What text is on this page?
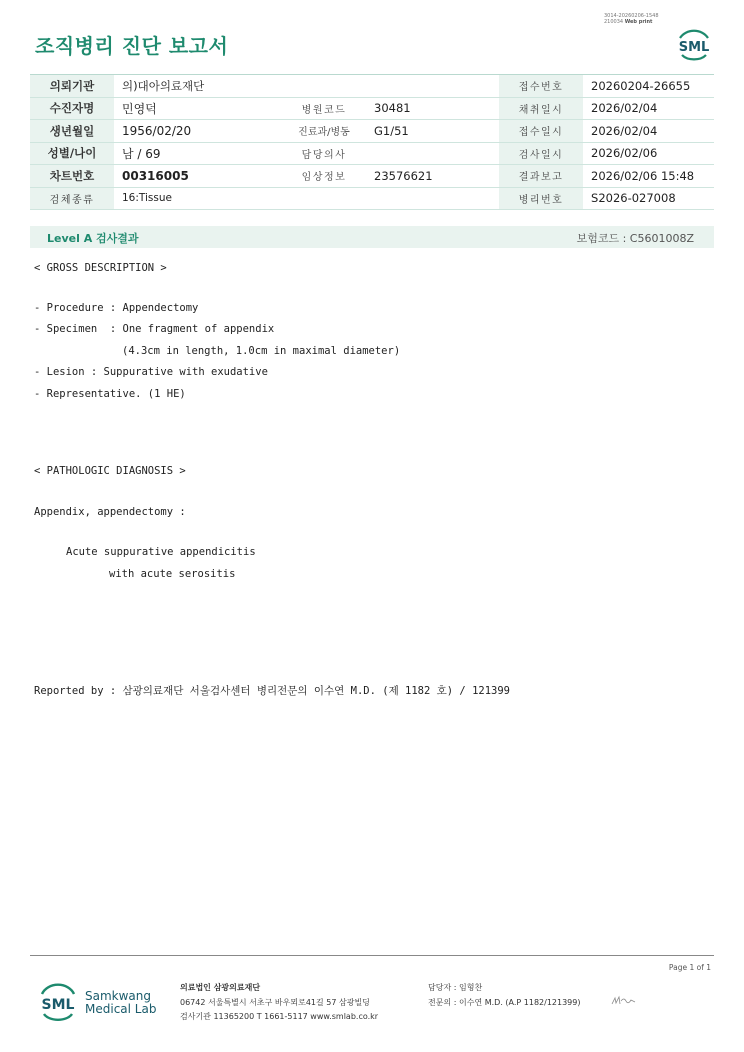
3014-20260206-1548
210034 Web print
조직병리 진단 보고서	SML
의뢰기관	의)대아의료재단			접수번호	20260204-26655
수진자명	민영덕	병원코드	30481	채취일시	2026/02/04
생년월일	1956/02/20	진료과/병동	G1/51	접수일시	2026/02/04
성별/나이	남 / 69	담당의사		검사일시	2026/02/06
차트번호	00316005	임상정보	23576621	결과보고	2026/02/06 15:48
검체종류	16:Tissue			병리번호	S2026-027008
Level A 검사결과	보험코드 : C5601008Z
< GROSS DESCRIPTION >
- Procedure : Appendectomy
- Specimen  : One fragment of appendix
(4.3cm in length, 1.0cm in maximal diameter)
- Lesion : Suppurative with exudative
- Representative. (1 HE)
< PATHOLOGIC DIAGNOSIS >
Appendix, appendectomy :
Acute suppurative appendicitis
with acute serositis
Reported by : 삼광의료재단 서울검사센터 병리전문의 이수연 M.D. (제 1182 호) / 121399
Page 1 of 1
SML
Samkwang
Medical Lab
의료법인 삼광의료재단
06742 서울특별시 서초구 바우뫼로41길 57 삼광빌딩
검사기관 11365200 T 1661-5117 www.smlab.co.kr
담당자 : 임형찬
전문의 : 이수연 M.D. (A.P 1182/121399)
